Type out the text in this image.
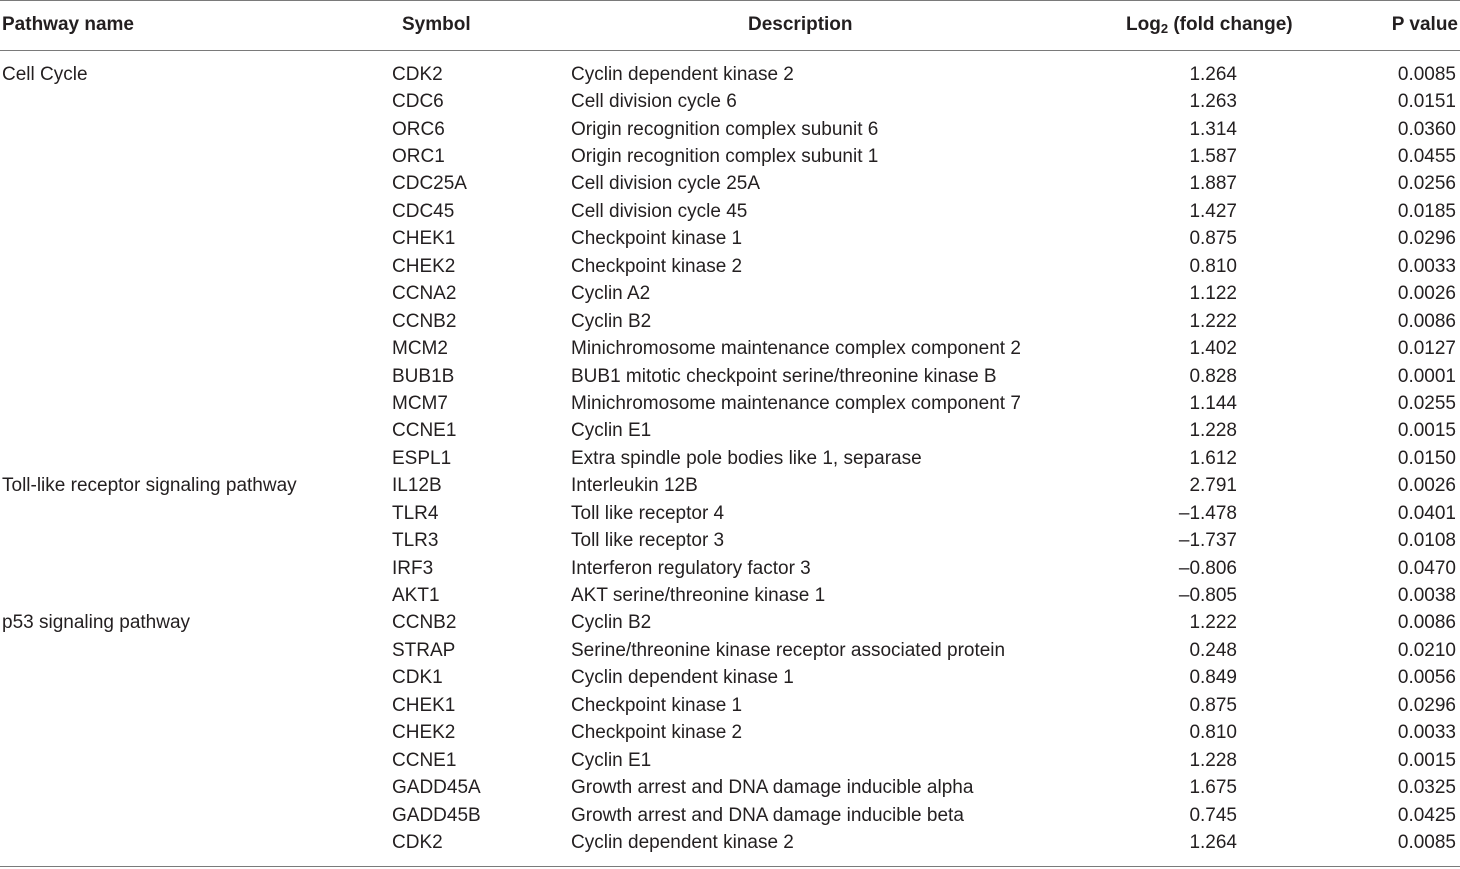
Pathway name	Symbol	Description	Log$_2$ (fold change)	P value

Cell Cycle	CDK2	Cyclin dependent kinase 2	1.264	0.0085
	CDC6	Cell division cycle 6	1.263	0.0151
	ORC6	Origin recognition complex subunit 6	1.314	0.0360
	ORC1	Origin recognition complex subunit 1	1.587	0.0455
	CDC25A	Cell division cycle 25A	1.887	0.0256
	CDC45	Cell division cycle 45	1.427	0.0185
	CHEK1	Checkpoint kinase 1	0.875	0.0296
	CHEK2	Checkpoint kinase 2	0.810	0.0033
	CCNA2	Cyclin A2	1.122	0.0026
	CCNB2	Cyclin B2	1.222	0.0086
	MCM2	Minichromosome maintenance complex component 2	1.402	0.0127
	BUB1B	BUB1 mitotic checkpoint serine/threonine kinase B	0.828	0.0001
	MCM7	Minichromosome maintenance complex component 7	1.144	0.0255
	CCNE1	Cyclin E1	1.228	0.0015
	ESPL1	Extra spindle pole bodies like 1, separase	1.612	0.0150
Toll-like receptor signaling pathway	IL12B	Interleukin 12B	2.791	0.0026
	TLR4	Toll like receptor 4	–1.478	0.0401
	TLR3	Toll like receptor 3	–1.737	0.0108
	IRF3	Interferon regulatory factor 3	–0.806	0.0470
	AKT1	AKT serine/threonine kinase 1	–0.805	0.0038
p53 signaling pathway	CCNB2	Cyclin B2	1.222	0.0086
	STRAP	Serine/threonine kinase receptor associated protein	0.248	0.0210
	CDK1	Cyclin dependent kinase 1	0.849	0.0056
	CHEK1	Checkpoint kinase 1	0.875	0.0296
	CHEK2	Checkpoint kinase 2	0.810	0.0033
	CCNE1	Cyclin E1	1.228	0.0015
	GADD45A	Growth arrest and DNA damage inducible alpha	1.675	0.0325
	GADD45B	Growth arrest and DNA damage inducible beta	0.745	0.0425
	CDK2	Cyclin dependent kinase 2	1.264	0.0085
